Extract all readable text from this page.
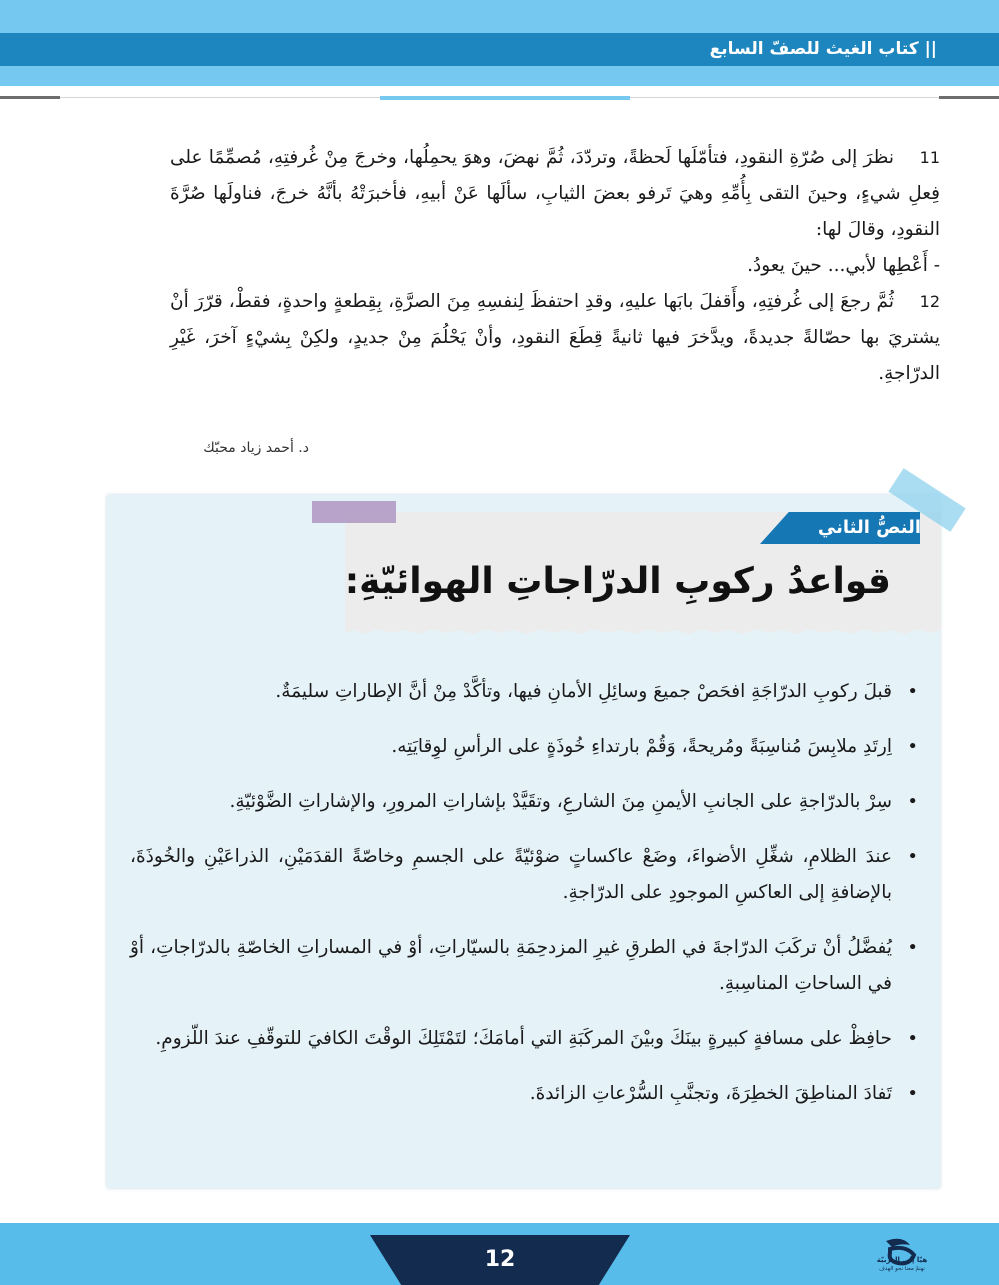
|| كتاب الغيث للصفّ السابع

11نظرَ إلى صُرّةِ النقودِ، فتأمّلَها لَحظةً، وتردّدَ، ثُمَّ نهضَ، وهوَ يحمِلُها، وخرجَ مِنْ غُرفتِهِ، مُصمِّمًا على فِعلِ شيءٍ، وحينَ التقى بِأُمِّهِ وهيَ تَرفو بعضَ الثيابِ، سألَها عَنْ أبيهِ، فأخبرَتْهُ بأنَّهُ خرجَ، فناولَها صُرَّةَ النقودِ، وقالَ لها:

- أَعْطِها لأبي... حينَ يعودُ.

12ثُمَّ رجعَ إلى غُرفتِهِ، وأَقفلَ بابَها عليهِ، وقدِ احتفظَ لِنفسِهِ مِنَ الصرَّةِ، بِقِطعةٍ واحدةٍ، فقطْ، قرّرَ أنْ يشتريَ بها حصّالةً جديدةً، ويدَّخرَ فيها ثانيةً قِطَعَ النقودِ، وأنْ يَحْلُمَ مِنْ جديدٍ، ولكِنْ بِشيْءٍ آخرَ، غَيْرِ الدرّاجةِ.

د. أحمد زياد محبّك
النصُّ الثاني
قواعدُ ركوبِ الدرّاجاتِ الهوائيّةِ:
•
قبلَ ركوبِ الدرّاجَةِ افحَصْ جميعَ وسائِلِ الأمانِ فيها، وتأكَّدْ مِنْ أنَّ الإطاراتِ سليمَةٌ.
•
اِرتَدِ ملابِسَ مُناسِبَةً ومُريحةً، وَقُمْ بارتداءِ خُوذَةٍ على الرأسِ لوِقايَتِه.
•
سِرْ بالدرّاجةِ على الجانبِ الأيمنِ مِنَ الشارعِ، وتقَيَّدْ بإشاراتِ المرورِ، والإشاراتِ الضَّوْئيّةِ.
•
عندَ الظلامِ، شغِّلِ الأضواءَ، وضَعْ عاكساتٍ ضوْئيّةً على الجسمِ وخاصّةً القدَمَيْنِ، الذراعَيْنِ والخُوذَةَ، بالإضافةِ إلى العاكسِ الموجودِ على الدرّاجةِ.
•
يُفضَّلُ أنْ تركَبَ الدرّاجةَ في الطرقِ غيرِ المزدحِمَةِ بالسيّاراتِ، أوْ في المساراتِ الخاصّةِ بالدرّاجاتِ، أوْ في الساحاتِ المناسِبةِ.
•
حافِظْ على مسافةٍ كبيرةٍ بينَكَ وبيْنَ المركَبَةِ التي أمامَكَ؛ لتَمْتَلِكَ الوقْتَ الكافيَ للتوقّفِ عندَ اللّزومِ.
•
تَفادَ المناطِقَ الخطِرَةَ، وتجنَّبِ السُّرْعاتِ الزائدةَ.
12	هيّا إلى العربيّة
نهتمّ معنا نحو الهدف
